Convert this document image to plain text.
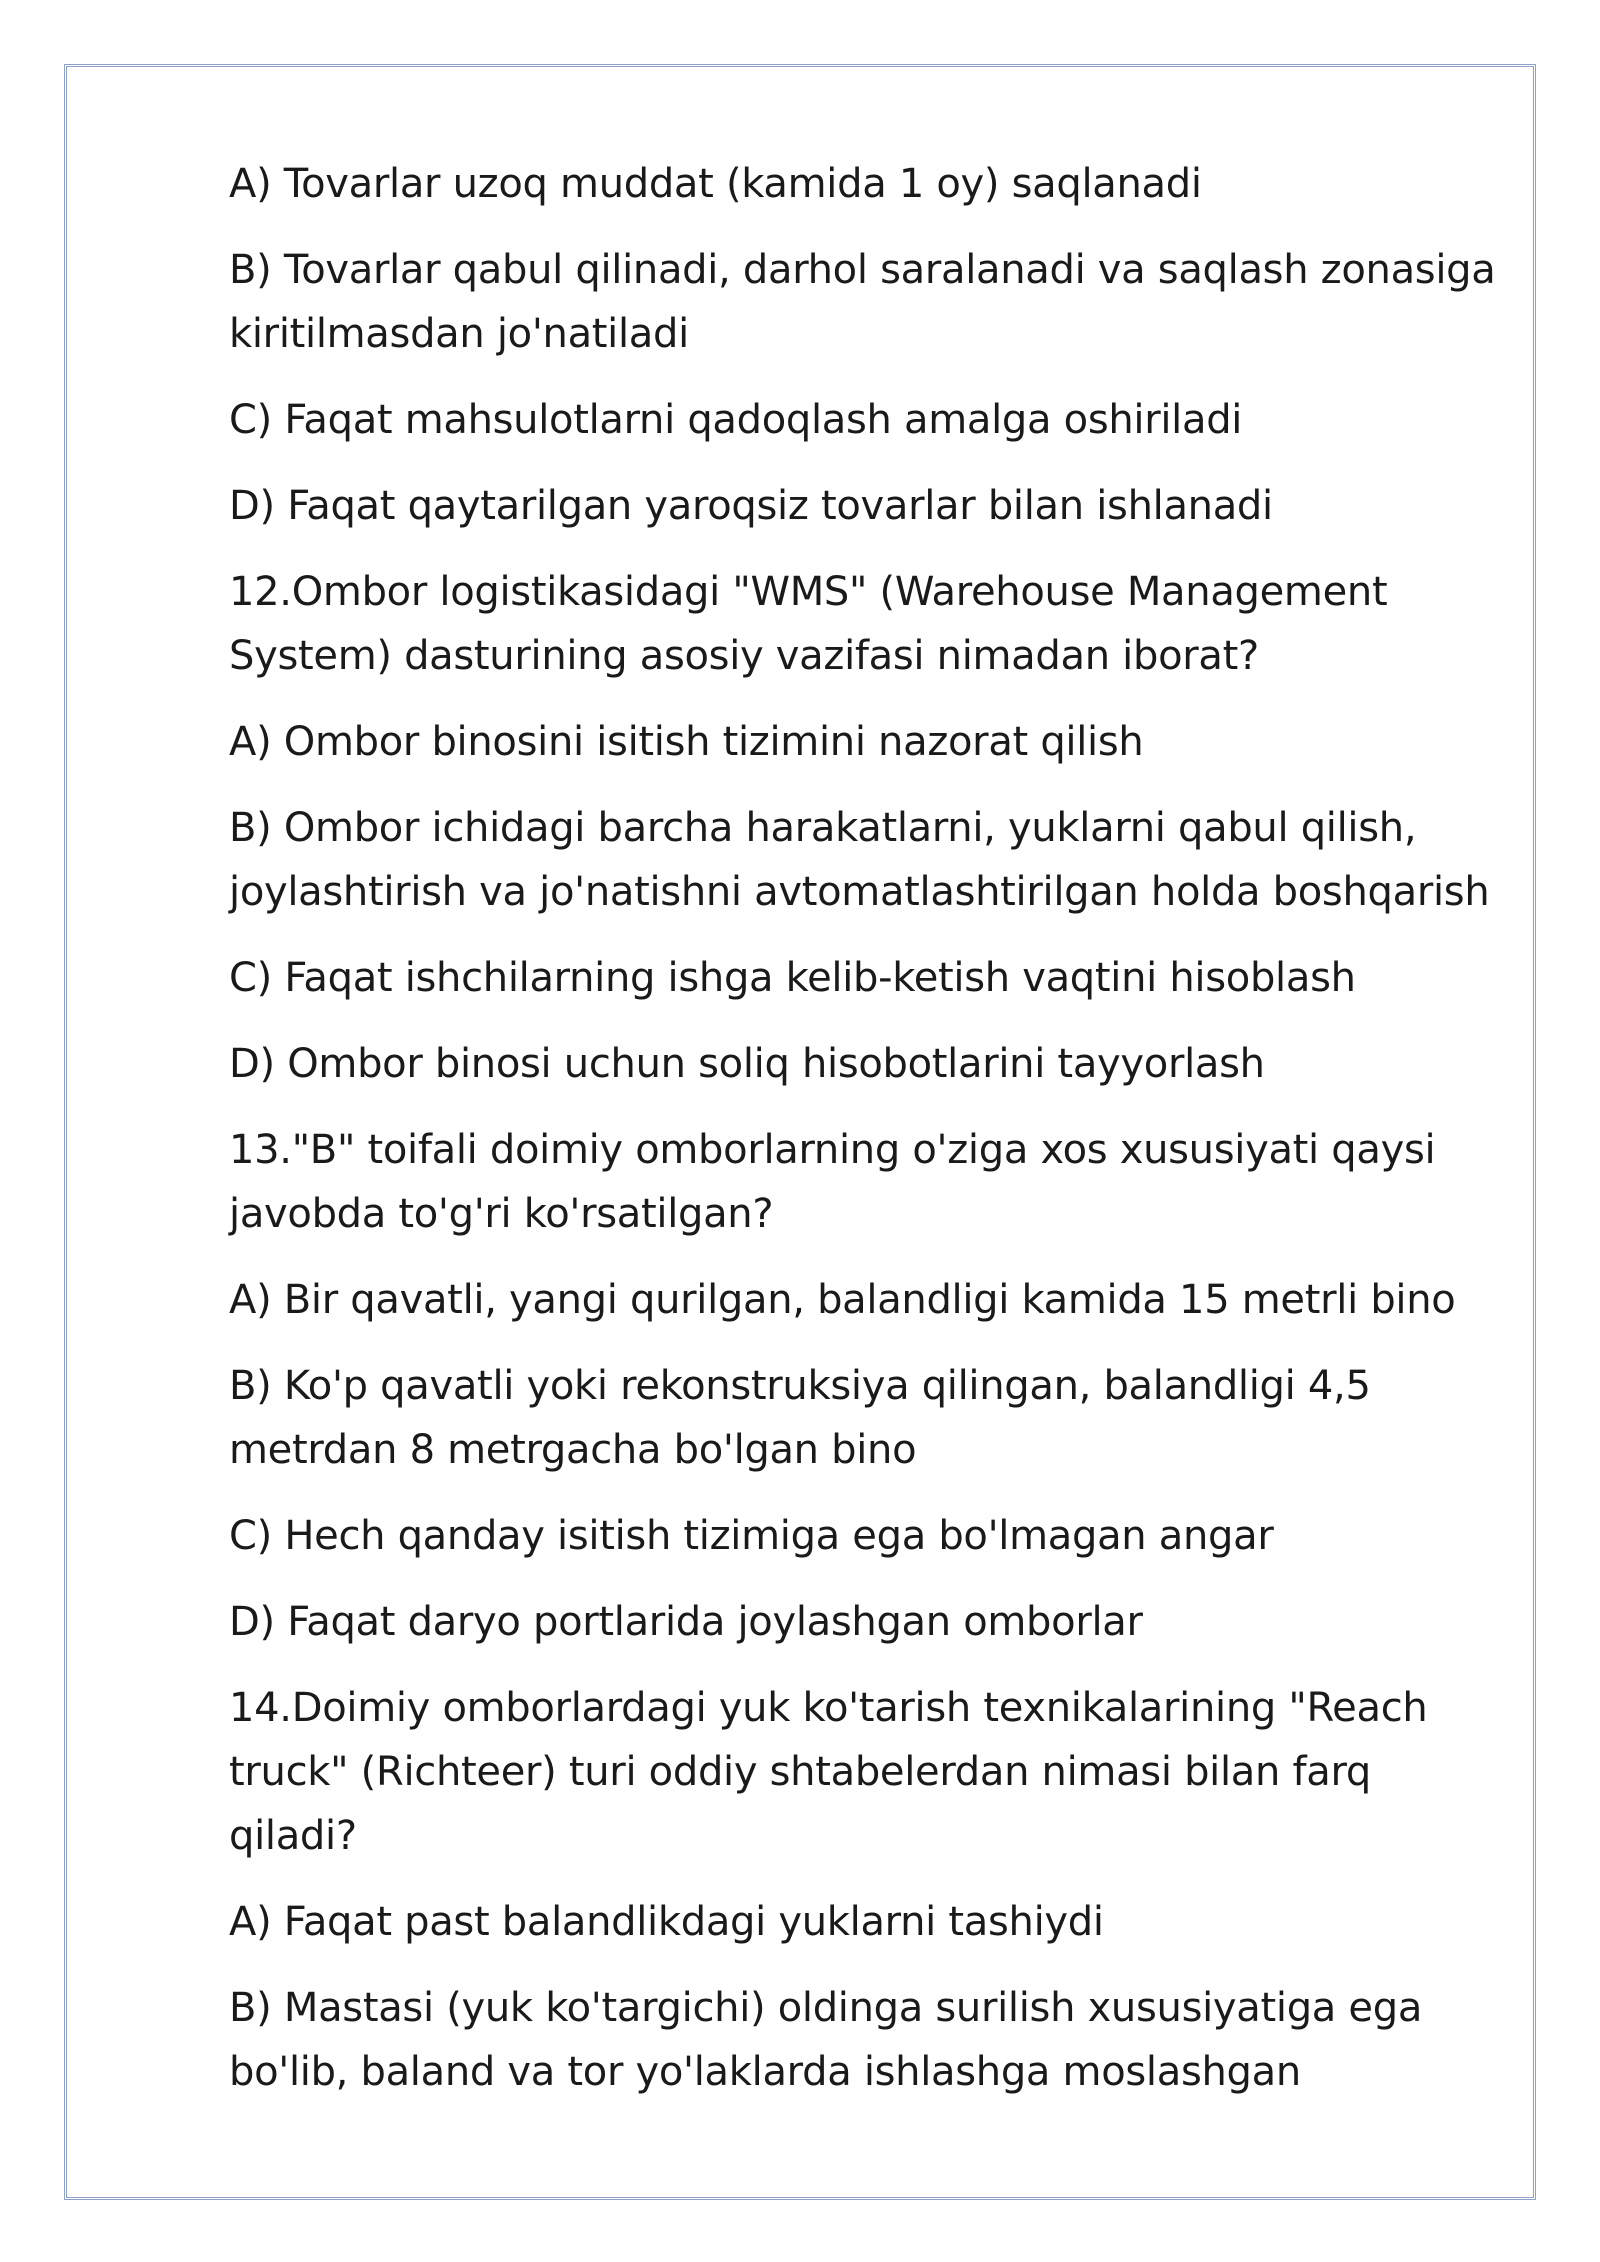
A) Tovarlar uzoq muddat (kamida 1 oy) saqlanadi

B) Tovarlar qabul qilinadi, darhol saralanadi va saqlash zonasiga kiritilmasdan jo'natiladi

C) Faqat mahsulotlarni qadoqlash amalga oshiriladi

D) Faqat qaytarilgan yaroqsiz tovarlar bilan ishlanadi

12.Ombor logistikasidagi "WMS" (Warehouse Management System) dasturining asosiy vazifasi nimadan iborat?

A) Ombor binosini isitish tizimini nazorat qilish

B) Ombor ichidagi barcha harakatlarni, yuklarni qabul qilish, joylashtirish va jo'natishni avtomatlashtirilgan holda boshqarish

C) Faqat ishchilarning ishga kelib-ketish vaqtini hisoblash

D) Ombor binosi uchun soliq hisobotlarini tayyorlash

13."B" toifali doimiy omborlarning o'ziga xos xususiyati qaysi javobda to'g'ri ko'rsatilgan?

A) Bir qavatli, yangi qurilgan, balandligi kamida 15 metrli bino

B) Ko'p qavatli yoki rekonstruksiya qilingan, balandligi 4,5 metrdan 8 metrgacha bo'lgan bino

C) Hech qanday isitish tizimiga ega bo'lmagan angar

D) Faqat daryo portlarida joylashgan omborlar

14.Doimiy omborlardagi yuk ko'tarish texnikalarining "Reach truck" (Richteer) turi oddiy shtabelerdan nimasi bilan farq qiladi?

A) Faqat past balandlikdagi yuklarni tashiydi

B) Mastasi (yuk ko'targichi) oldinga surilish xususiyatiga ega bo'lib, baland va tor yo'laklarda ishlashga moslashgan
